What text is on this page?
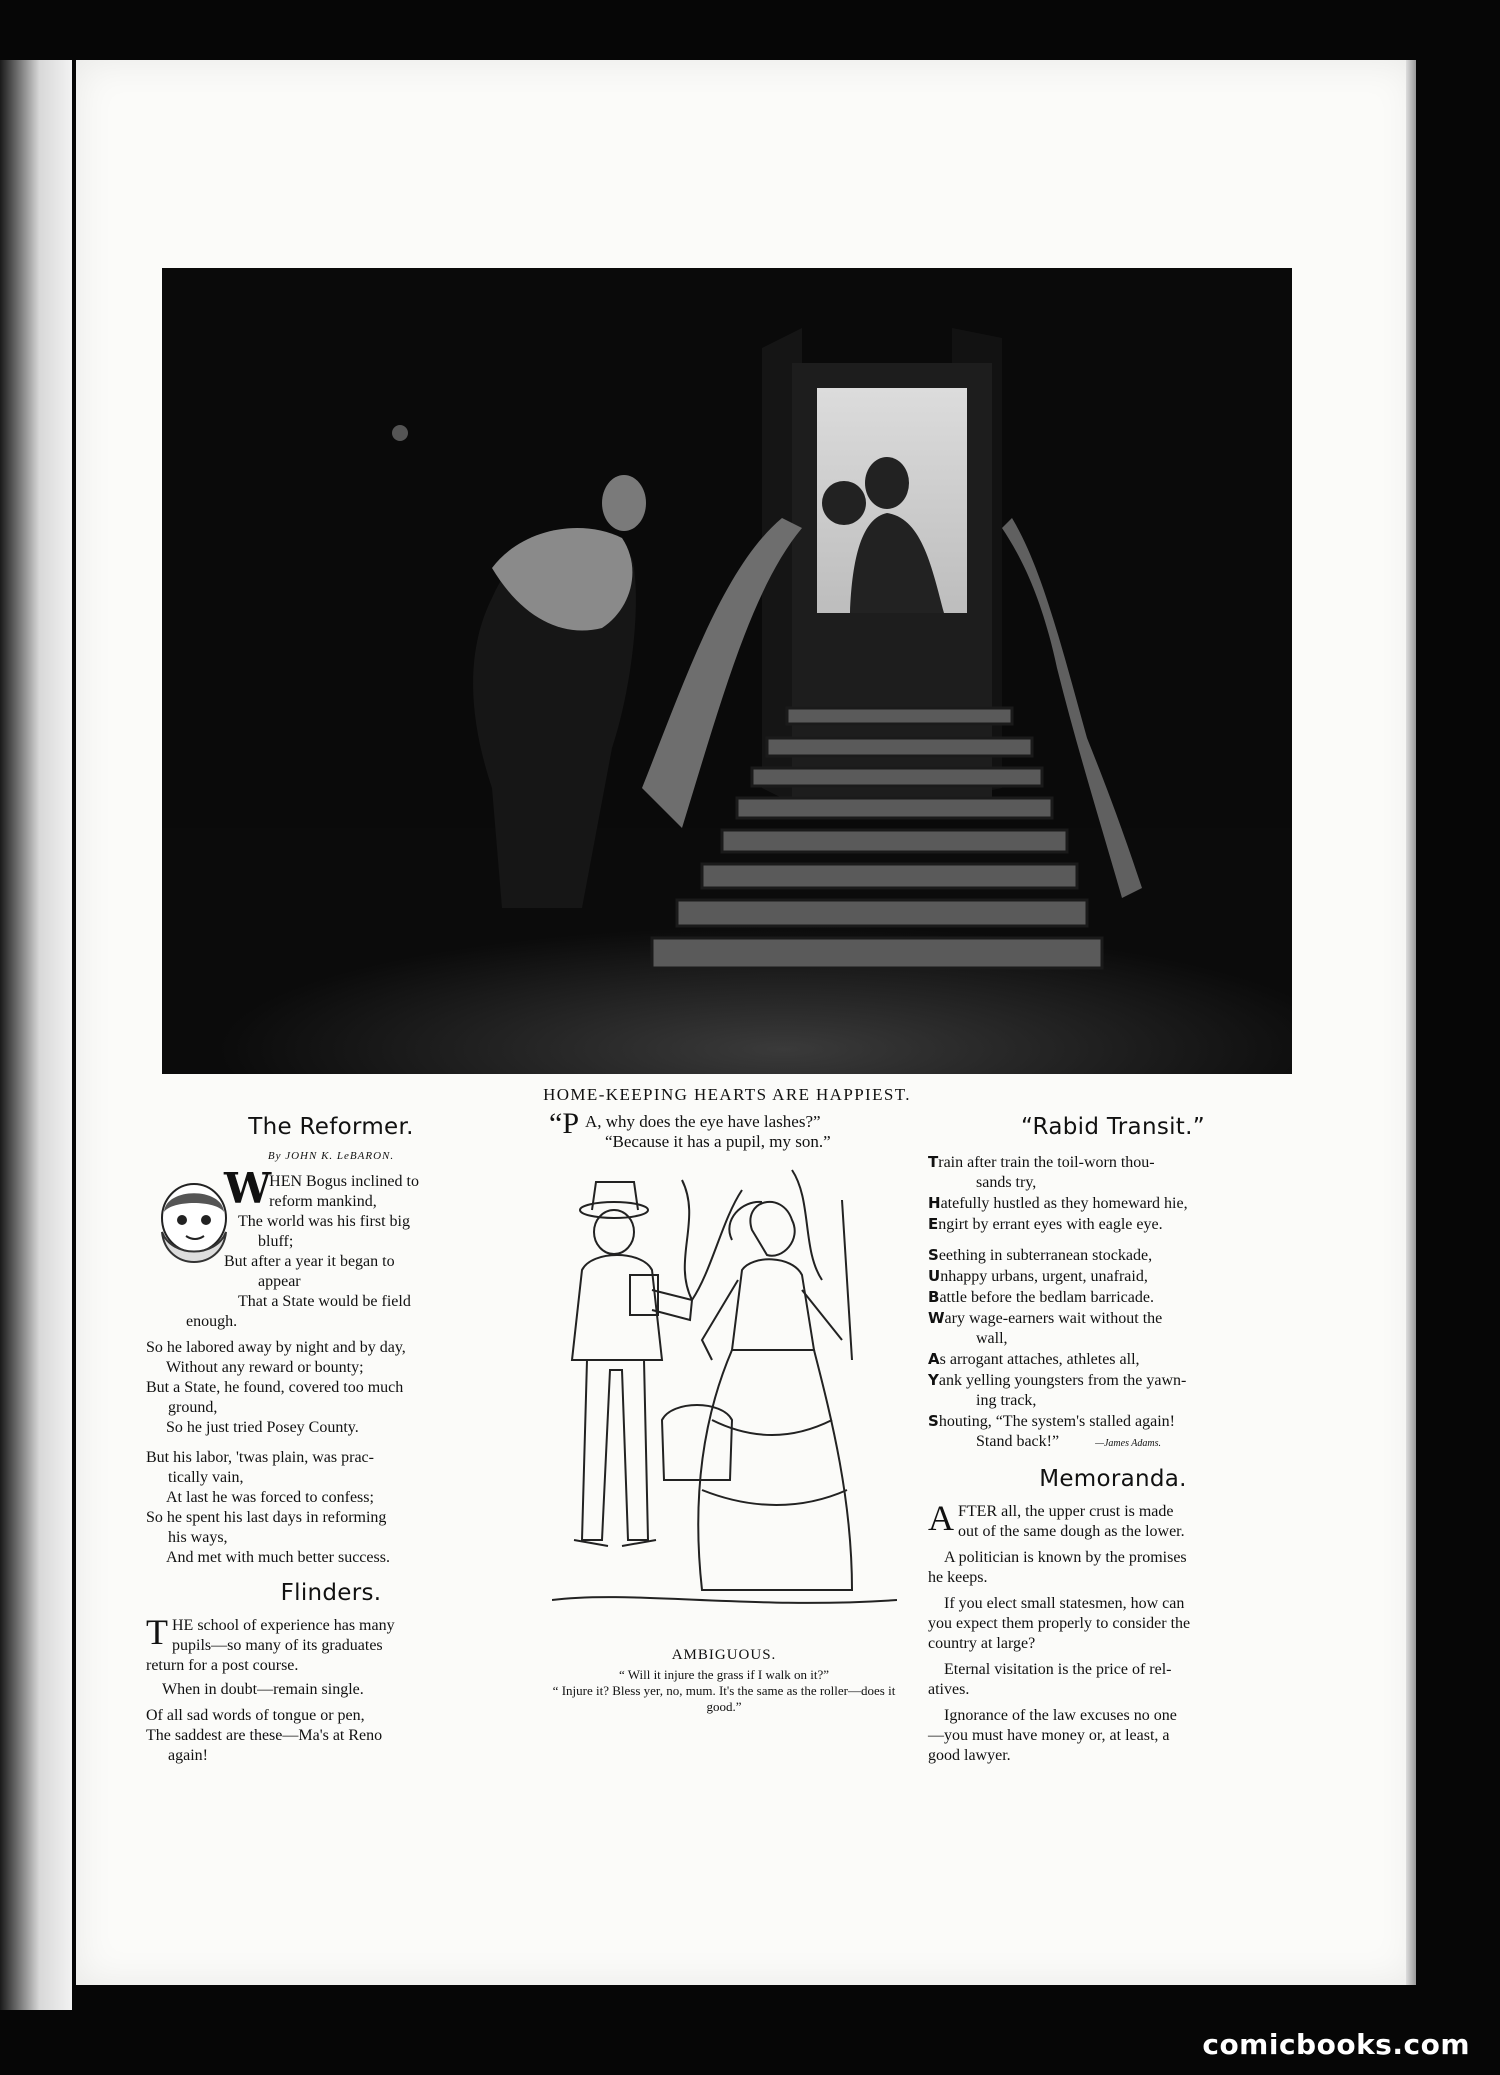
HOME-KEEPING HEARTS ARE HAPPIEST.
The Reformer.
By JOHN K. LeBARON.

WHEN Bogus inclined to

reform mankind,

The world was his first big

bluff;

But after a year it began to

appear

That a State would be field

enough.

So he labored away by night and by day,

Without any reward or bounty;

But a State, he found, covered too much

ground,

So he just tried Posey County.

But his labor, 'twas plain, was prac-

tically vain,

At last he was forced to confess;

So he spent his last days in reforming

his ways,

And met with much better success.

Flinders.

THE school of experience has many

pupils—so many of its graduates

return for a post course.

When in doubt—remain single.

Of all sad words of tongue or pen,

The saddest are these—Ma's at Reno

again!

“P A, why does the eye have lashes?”
“Because it has a pupil, my son.”
AMBIGUOUS.
“ Will it injure the grass if I walk on it?”
“ Injure it? Bless yer, no, mum. It's the same as the roller—does it good.”
“Rabid Transit.”

Train after train the toil-worn thou-

sands try,

Hatefully hustled as they homeward hie,

Engirt by errant eyes with eagle eye.

Seething in subterranean stockade,

Unhappy urbans, urgent, unafraid,

Battle before the bedlam barricade.

Wary wage-earners wait without the

wall,

As arrogant attaches, athletes all,

Yank yelling youngsters from the yawn-

ing track,

Shouting, “The system's stalled again!

Stand back!”	—James Adams.

Memoranda.

AFTER all, the upper crust is made

out of the same dough as the lower.

A politician is known by the promises

he keeps.

If you elect small statesmen, how can

you expect them properly to consider the

country at large?

Eternal visitation is the price of rel-

atives.

Ignorance of the law excuses no one

—you must have money or, at least, a

good lawyer.

comicbooks.com
